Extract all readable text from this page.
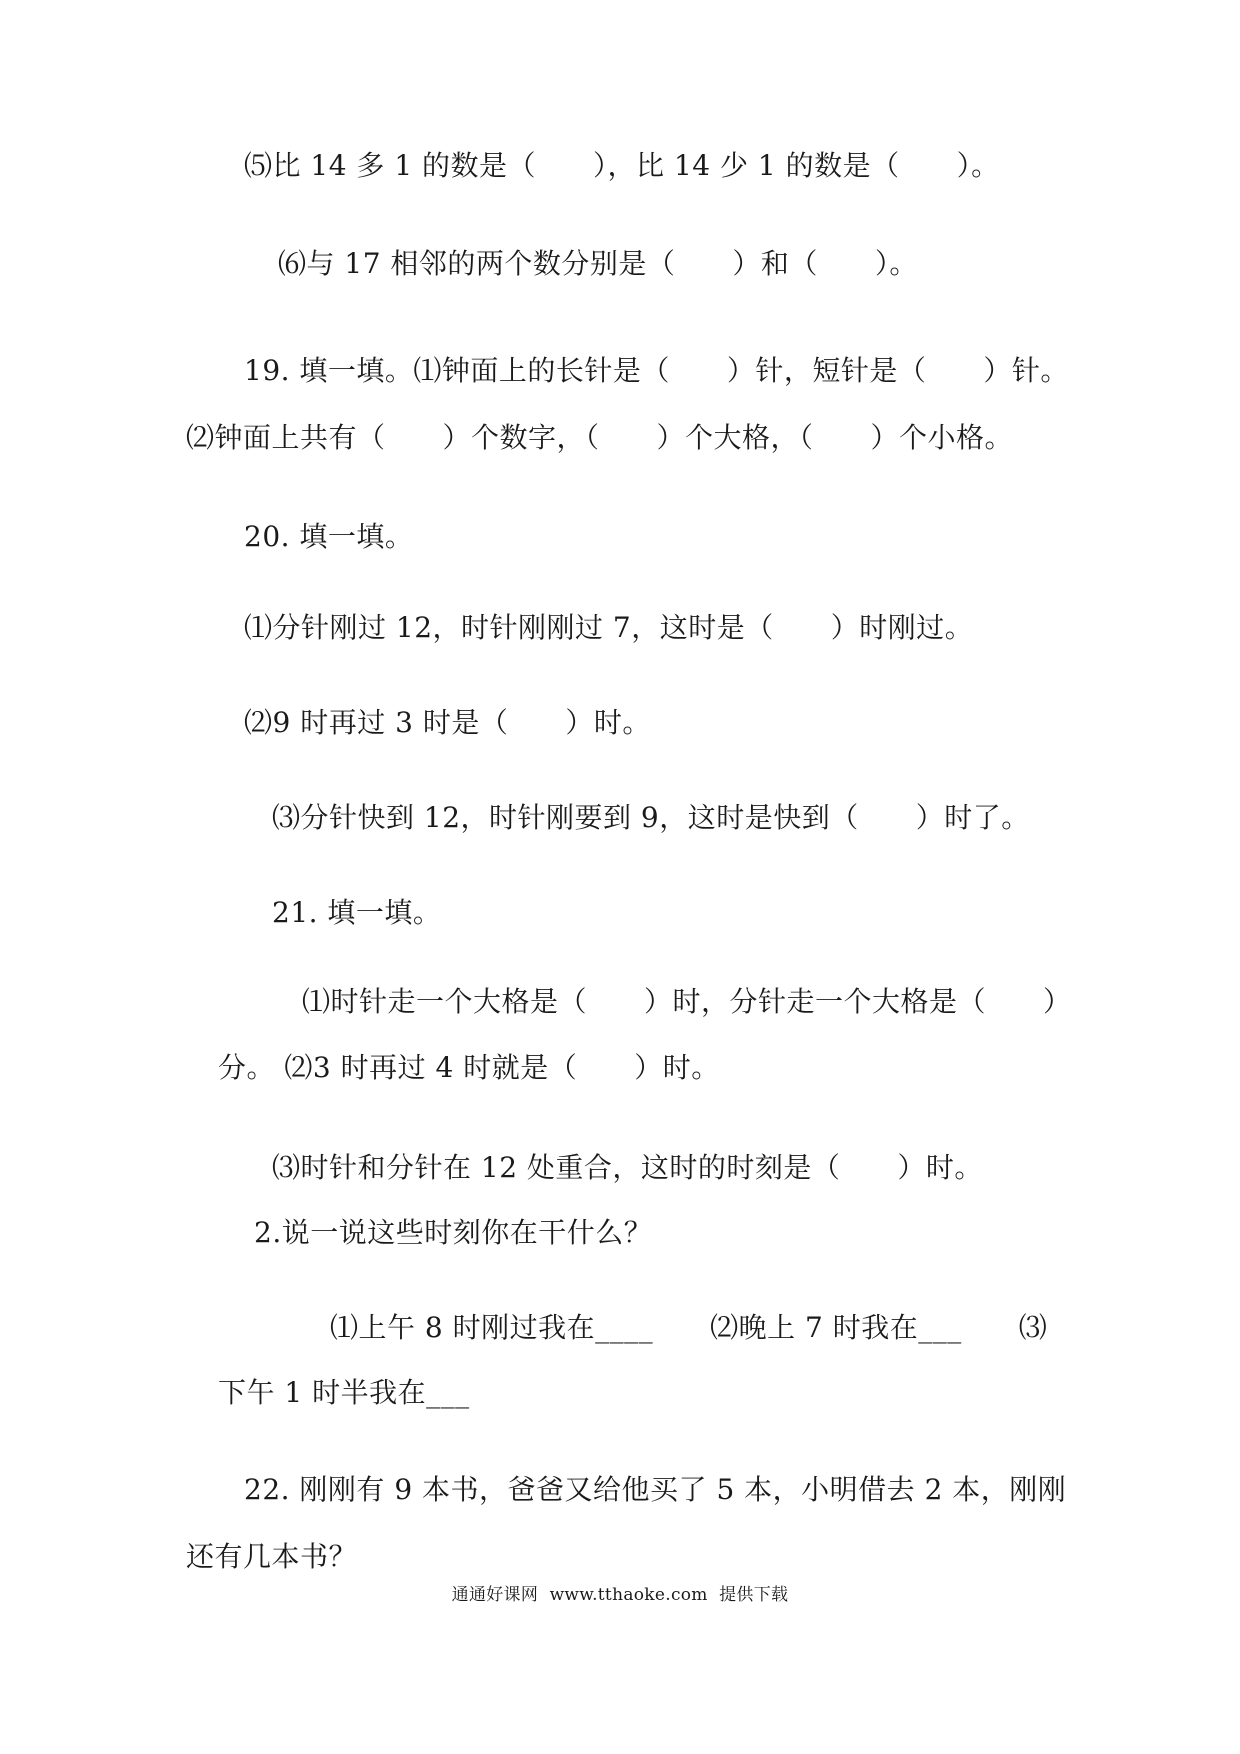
⑸比 14 多 1 的数是（　　），比 14 少 1 的数是（　　）。
⑹与 17 相邻的两个数分别是（　　）和（　　）。
19. 填一填。⑴钟面上的长针是（　　）针，短针是（　　）针。
⑵钟面上共有（　　）个数字，（　　）个大格，（　　）个小格。
20. 填一填。
⑴分针刚过 12，时针刚刚过 7，这时是（　　）时刚过。
⑵9 时再过 3 时是（　　）时。
⑶分针快到 12，时针刚要到 9，这时是快到（　　）时了。
21. 填一填。
⑴时针走一个大格是（　　）时，分针走一个大格是（　　）
分。 ⑵3 时再过 4 时就是（　　）时。
⑶时针和分针在 12 处重合，这时的时刻是（　　）时。
2.说一说这些时刻你在干什么？
⑴上午 8 时刚过我在____　　⑵晚上 7 时我在___　　⑶
下午 1 时半我在___
22. 刚刚有 9 本书，爸爸又给他买了 5 本，小明借去 2 本，刚刚
还有几本书？
通通好课网  www.tthaoke.com  提供下载
